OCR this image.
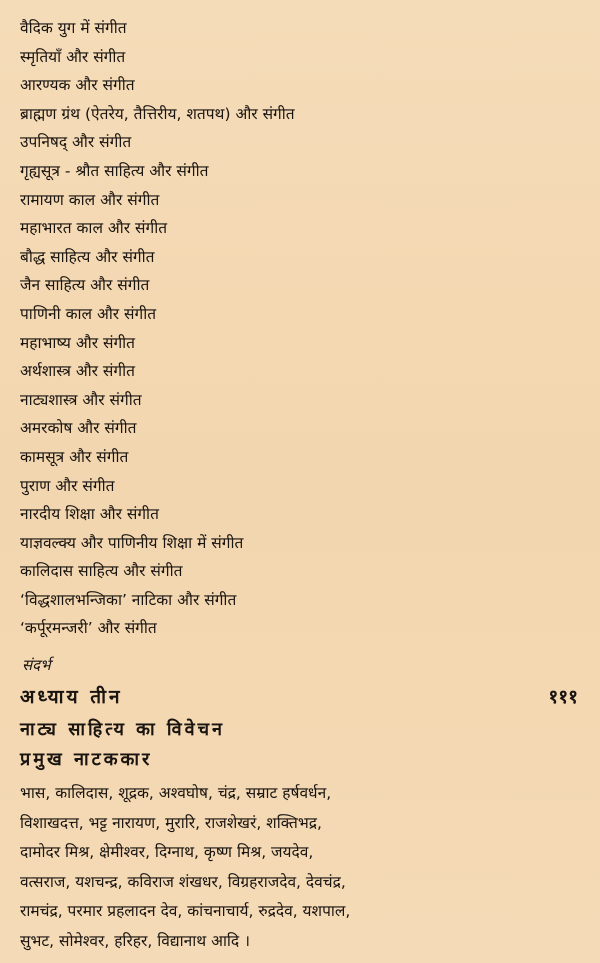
वैदिक युग में संगीत
स्मृतियाँ और संगीत
आरण्यक और संगीत
ब्राह्मण ग्रंथ (ऐतरेय, तैत्तिरीय, शतपथ) और संगीत
उपनिषद् और संगीत
गृह्यसूत्र - श्रौत साहित्य और संगीत
रामायण काल और संगीत
महाभारत काल और संगीत
बौद्ध साहित्य और संगीत
जैन साहित्य और संगीत
पाणिनी काल और संगीत
महाभाष्य और संगीत
अर्थशास्त्र और संगीत
नाट्यशास्त्र और संगीत
अमरकोष और संगीत
कामसूत्र और संगीत
पुराण और संगीत
नारदीय शिक्षा और संगीत
याज्ञवल्क्य और पाणिनीय शिक्षा में संगीत
कालिदास साहित्य और संगीत
‘विद्धशालभन्जिका’ नाटिका और संगीत
‘कर्पूरमन्जरी’ और संगीत
संदर्भ
अध्याय तीन	१११
नाट्य साहित्य का विवेचन
प्रमुख नाटककार
भास, कालिदास, शूद्रक, अश्वघोष, चंद्र, सम्राट हर्षवर्धन,
विशाखदत्त, भट्ट नारायण, मुरारि, राजशेखरं, शक्तिभद्र,
दामोदर मिश्र, क्षेमीश्वर, दिग्नाथ, कृष्ण मिश्र, जयदेव,
वत्सराज, यशचन्द्र, कविराज शंखधर, विग्रहराजदेव, देवचंद्र,
रामचंद्र, परमार प्रहलादन देव, कांचनाचार्य, रुद्रदेव, यशपाल,
सुभट, सोमेश्वर, हरिहर, विद्यानाथ आदि ।
